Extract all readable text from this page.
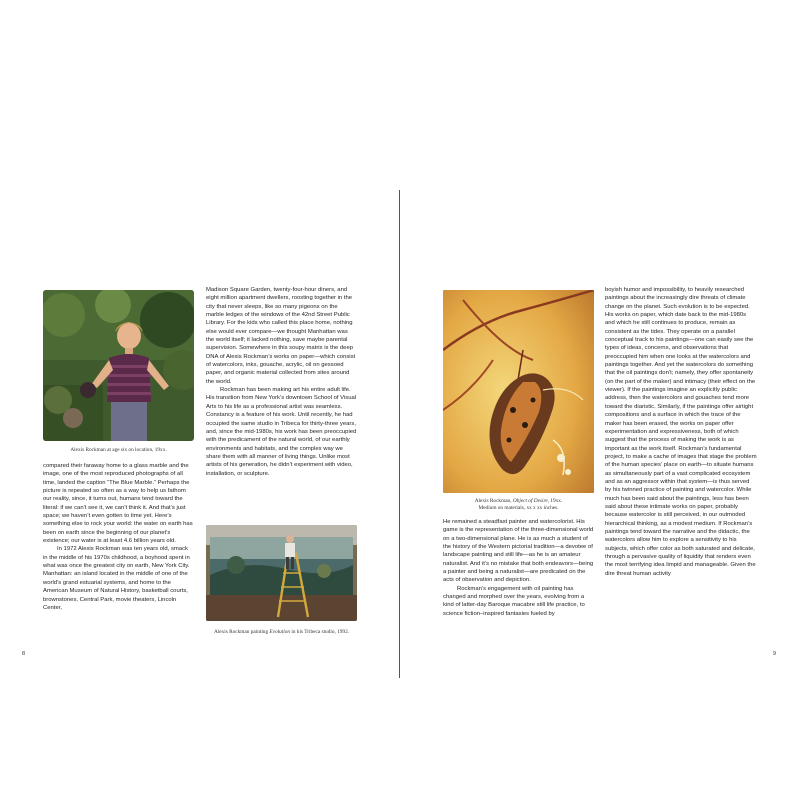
Alexis Rockman at age six on location, 19xx.

compared their faraway home to a glass marble and the image, one of the most reproduced photographs of all time, landed the caption “The Blue Marble.” Perhaps the picture is repeated so often as a way to help us fathom our reality, since, it turns out, humans tend toward the literal: if we can’t see it, we can’t think it. And that’s just space; we haven’t even gotten to time yet. Here’s something else to rock your world: the water on earth has been on earth since the beginning of our planet’s existence; our water is at least 4.6 billion years old.

In 1972 Alexis Rockman was ten years old, smack in the middle of his 1970s childhood, a boyhood spent in what was once the greatest city on earth, New York City. Manhattan: an island located in the middle of one of the world’s grand estuarial systems, and home to the American Museum of Natural History, basketball courts, brownstones, Central Park, movie theaters, Lincoln Center,

Madison Square Garden, twenty-four-hour diners, and eight million apartment dwellers, roosting together in the city that never sleeps, like so many pigeons on the marble ledges of the windows of the 42nd Street Public Library. For the kids who called this place home, nothing else would ever compare—we thought Manhattan was the world itself; it lacked nothing, save maybe parental supervision. Somewhere in this soupy matrix is the deep DNA of Alexis Rockman’s works on paper—which consist of watercolors, inks, gouache, acrylic, oil on gessoed paper, and organic material collected from sites around the world.

Rockman has been making art his entire adult life. His transition from New York’s downtown School of Visual Arts to his life as a professional artist was seamless. Constancy is a feature of his work. Until recently, he had occupied the same studio in Tribeca for thirty-three years, and, since the mid-1980s, his work has been preoccupied with the predicament of the natural world, of our earthly environments and habitats, and the complex way we share them with all manner of living things. Unlike most artists of his generation, he didn’t experiment with video, installation, or sculpture.

Alexis Rockman painting Evolution in his Tribeca studio, 1992.
8
Alexis Rockman, Object of Desire, 19xx.
Medium on materials, xx x xx inches.

He remained a steadfast painter and watercolorist. His game is the representation of the three-dimensional world on a two-dimensional plane. He is as much a student of the history of the Western pictorial tradition—a devotee of landscape painting and still life—as he is an amateur naturalist. And it’s no mistake that both endeavors—being a painter and being a naturalist—are predicated on the acts of observation and depiction.

Rockman’s engagement with oil painting has changed and morphed over the years, evolving from a kind of latter-day Baroque macabre still life practice, to science fiction–inspired fantasies fueled by

boyish humor and impossibility, to heavily researched paintings about the increasingly dire threats of climate change on the planet. Such evolution is to be expected. His works on paper, which date back to the mid-1980s and which he still continues to produce, remain as consistent as the tides. They operate on a parallel conceptual track to his paintings—one can easily see the types of ideas, concerns, and observations that preoccupied him when one looks at the watercolors and paintings together. And yet the watercolors do something that the oil paintings don’t; namely, they offer spontaneity (on the part of the maker) and intimacy (their effect on the viewer). If the paintings imagine an explicitly public address, then the watercolors and gouaches tend more toward the diaristic. Similarly, if the paintings offer airtight compositions and a surface in which the trace of the maker has been erased, the works on paper offer experimentation and expressiveness, both of which suggest that the process of making the work is as important as the work itself. Rockman’s fundamental project, to make a cache of images that stage the problem of the human species’ place on earth—to situate humans as simultaneously part of a vast complicated ecosystem and as an aggressor within that system—is thus served by his twinned practice of painting and watercolor. While much has been said about the paintings, less has been said about these intimate works on paper, probably because watercolor is still perceived, in our outmoded hierarchical thinking, as a modest medium. If Rockman’s paintings tend toward the narrative and the didactic, the watercolors allow him to explore a sensitivity to his subjects, which offer color as both saturated and delicate, through a pervasive quality of liquidity that renders even the most terrifying idea limpid and manageable. Given the dire threat human activity

9
